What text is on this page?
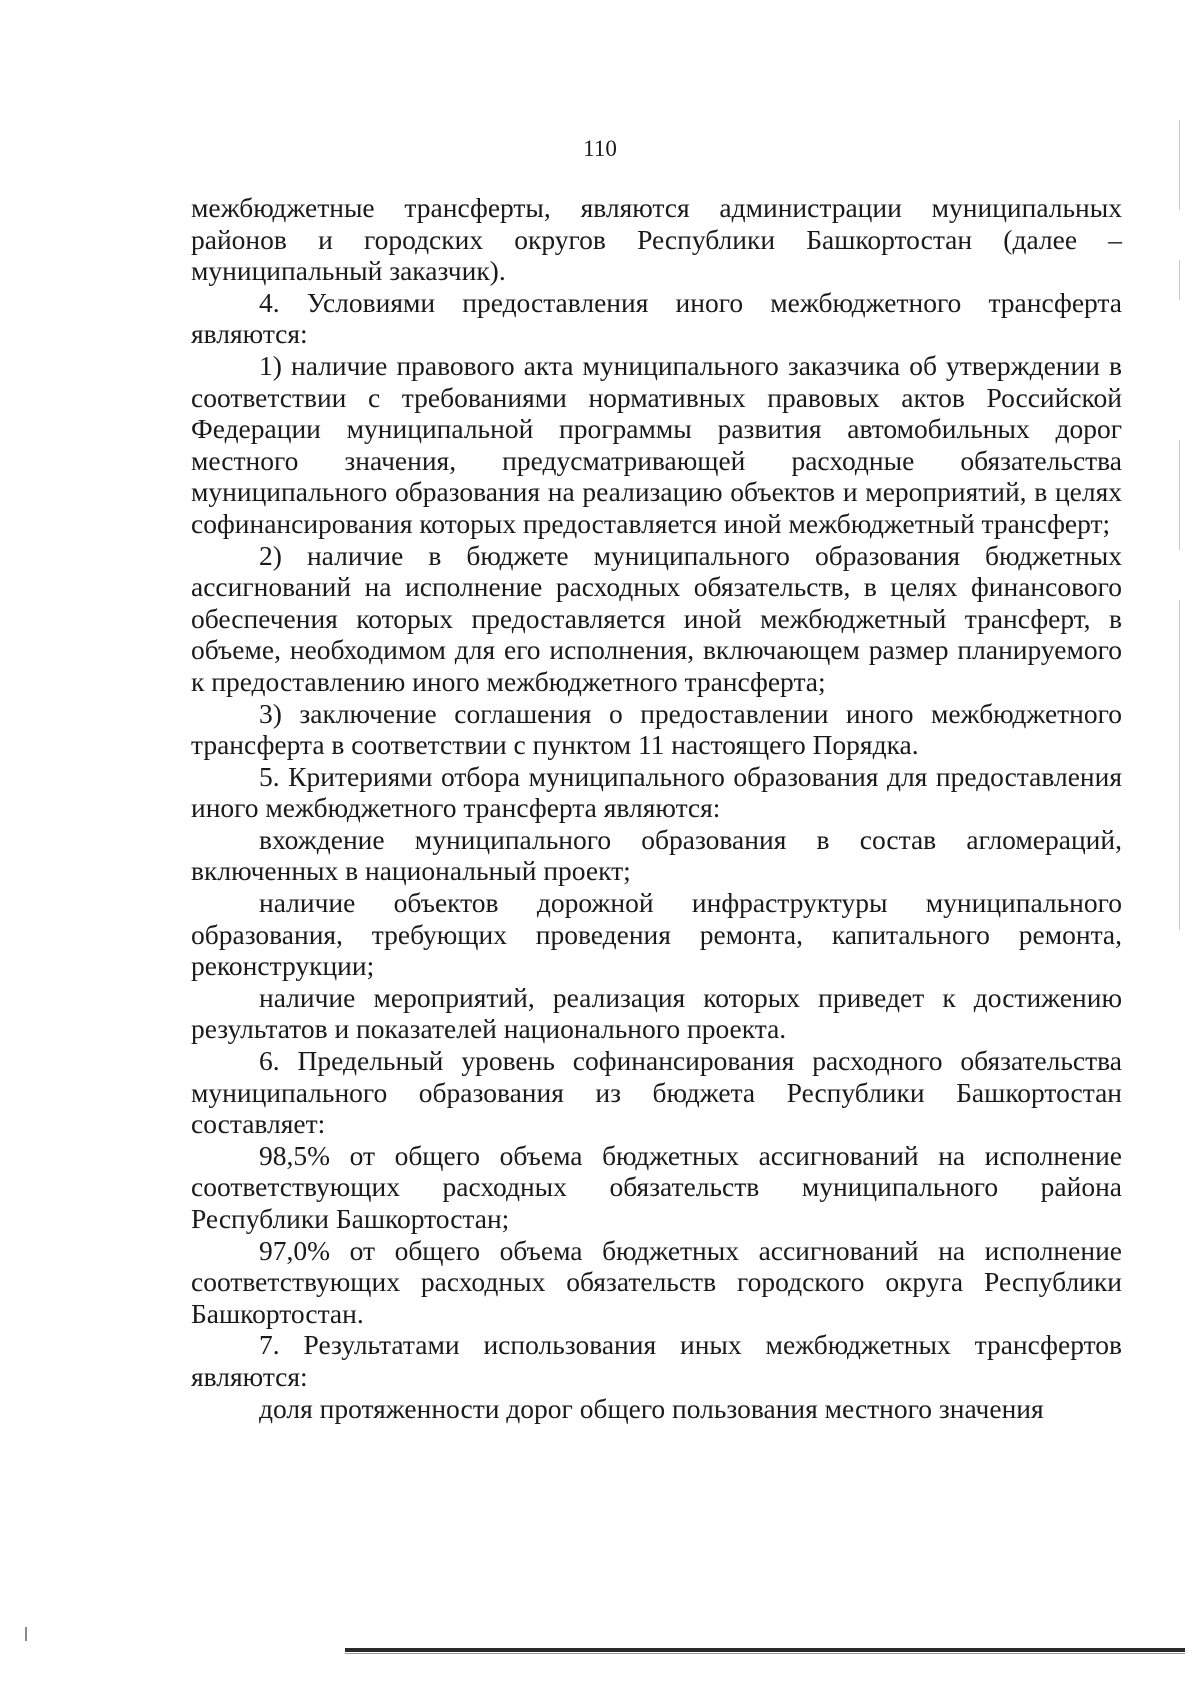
110

межбюджетные трансферты, являются администрации муниципальных районов и городских округов Республики Башкортостан (далее – муниципальный заказчик).

4. Условиями предоставления иного межбюджетного трансферта являются:

1) наличие правового акта муниципального заказчика об утверждении в соответствии с требованиями нормативных правовых актов Российской Федерации муниципальной программы развития автомобильных дорог местного значения, предусматривающей расходные обязательства муниципального образования на реализацию объектов и мероприятий, в целях софинансирования которых предоставляется иной межбюджетный трансферт;

2) наличие в бюджете муниципального образования бюджетных ассигнований на исполнение расходных обязательств, в целях финансового обеспечения которых предоставляется иной межбюджетный трансферт, в объеме, необходимом для его исполнения, включающем размер планируемого к предоставлению иного межбюджетного трансферта;

3) заключение соглашения о предоставлении иного межбюджетного трансферта в соответствии с пунктом 11 настоящего Порядка.

5. Критериями отбора муниципального образования для предоставления иного межбюджетного трансферта являются:

вхождение муниципального образования в состав агломераций, включенных в национальный проект;

наличие объектов дорожной инфраструктуры муниципального образования, требующих проведения ремонта, капитального ремонта, реконструкции;

наличие мероприятий, реализация которых приведет к достижению результатов и показателей национального проекта.

6. Предельный уровень софинансирования расходного обязательства муниципального образования из бюджета Республики Башкортостан составляет:

98,5% от общего объема бюджетных ассигнований на исполнение соответствующих расходных обязательств муниципального района Республики Башкортостан;

97,0% от общего объема бюджетных ассигнований на исполнение соответствующих расходных обязательств городского округа Республики Башкортостан.

7. Результатами использования иных межбюджетных трансфертов являются:

доля протяженности дорог общего пользования местного значения
